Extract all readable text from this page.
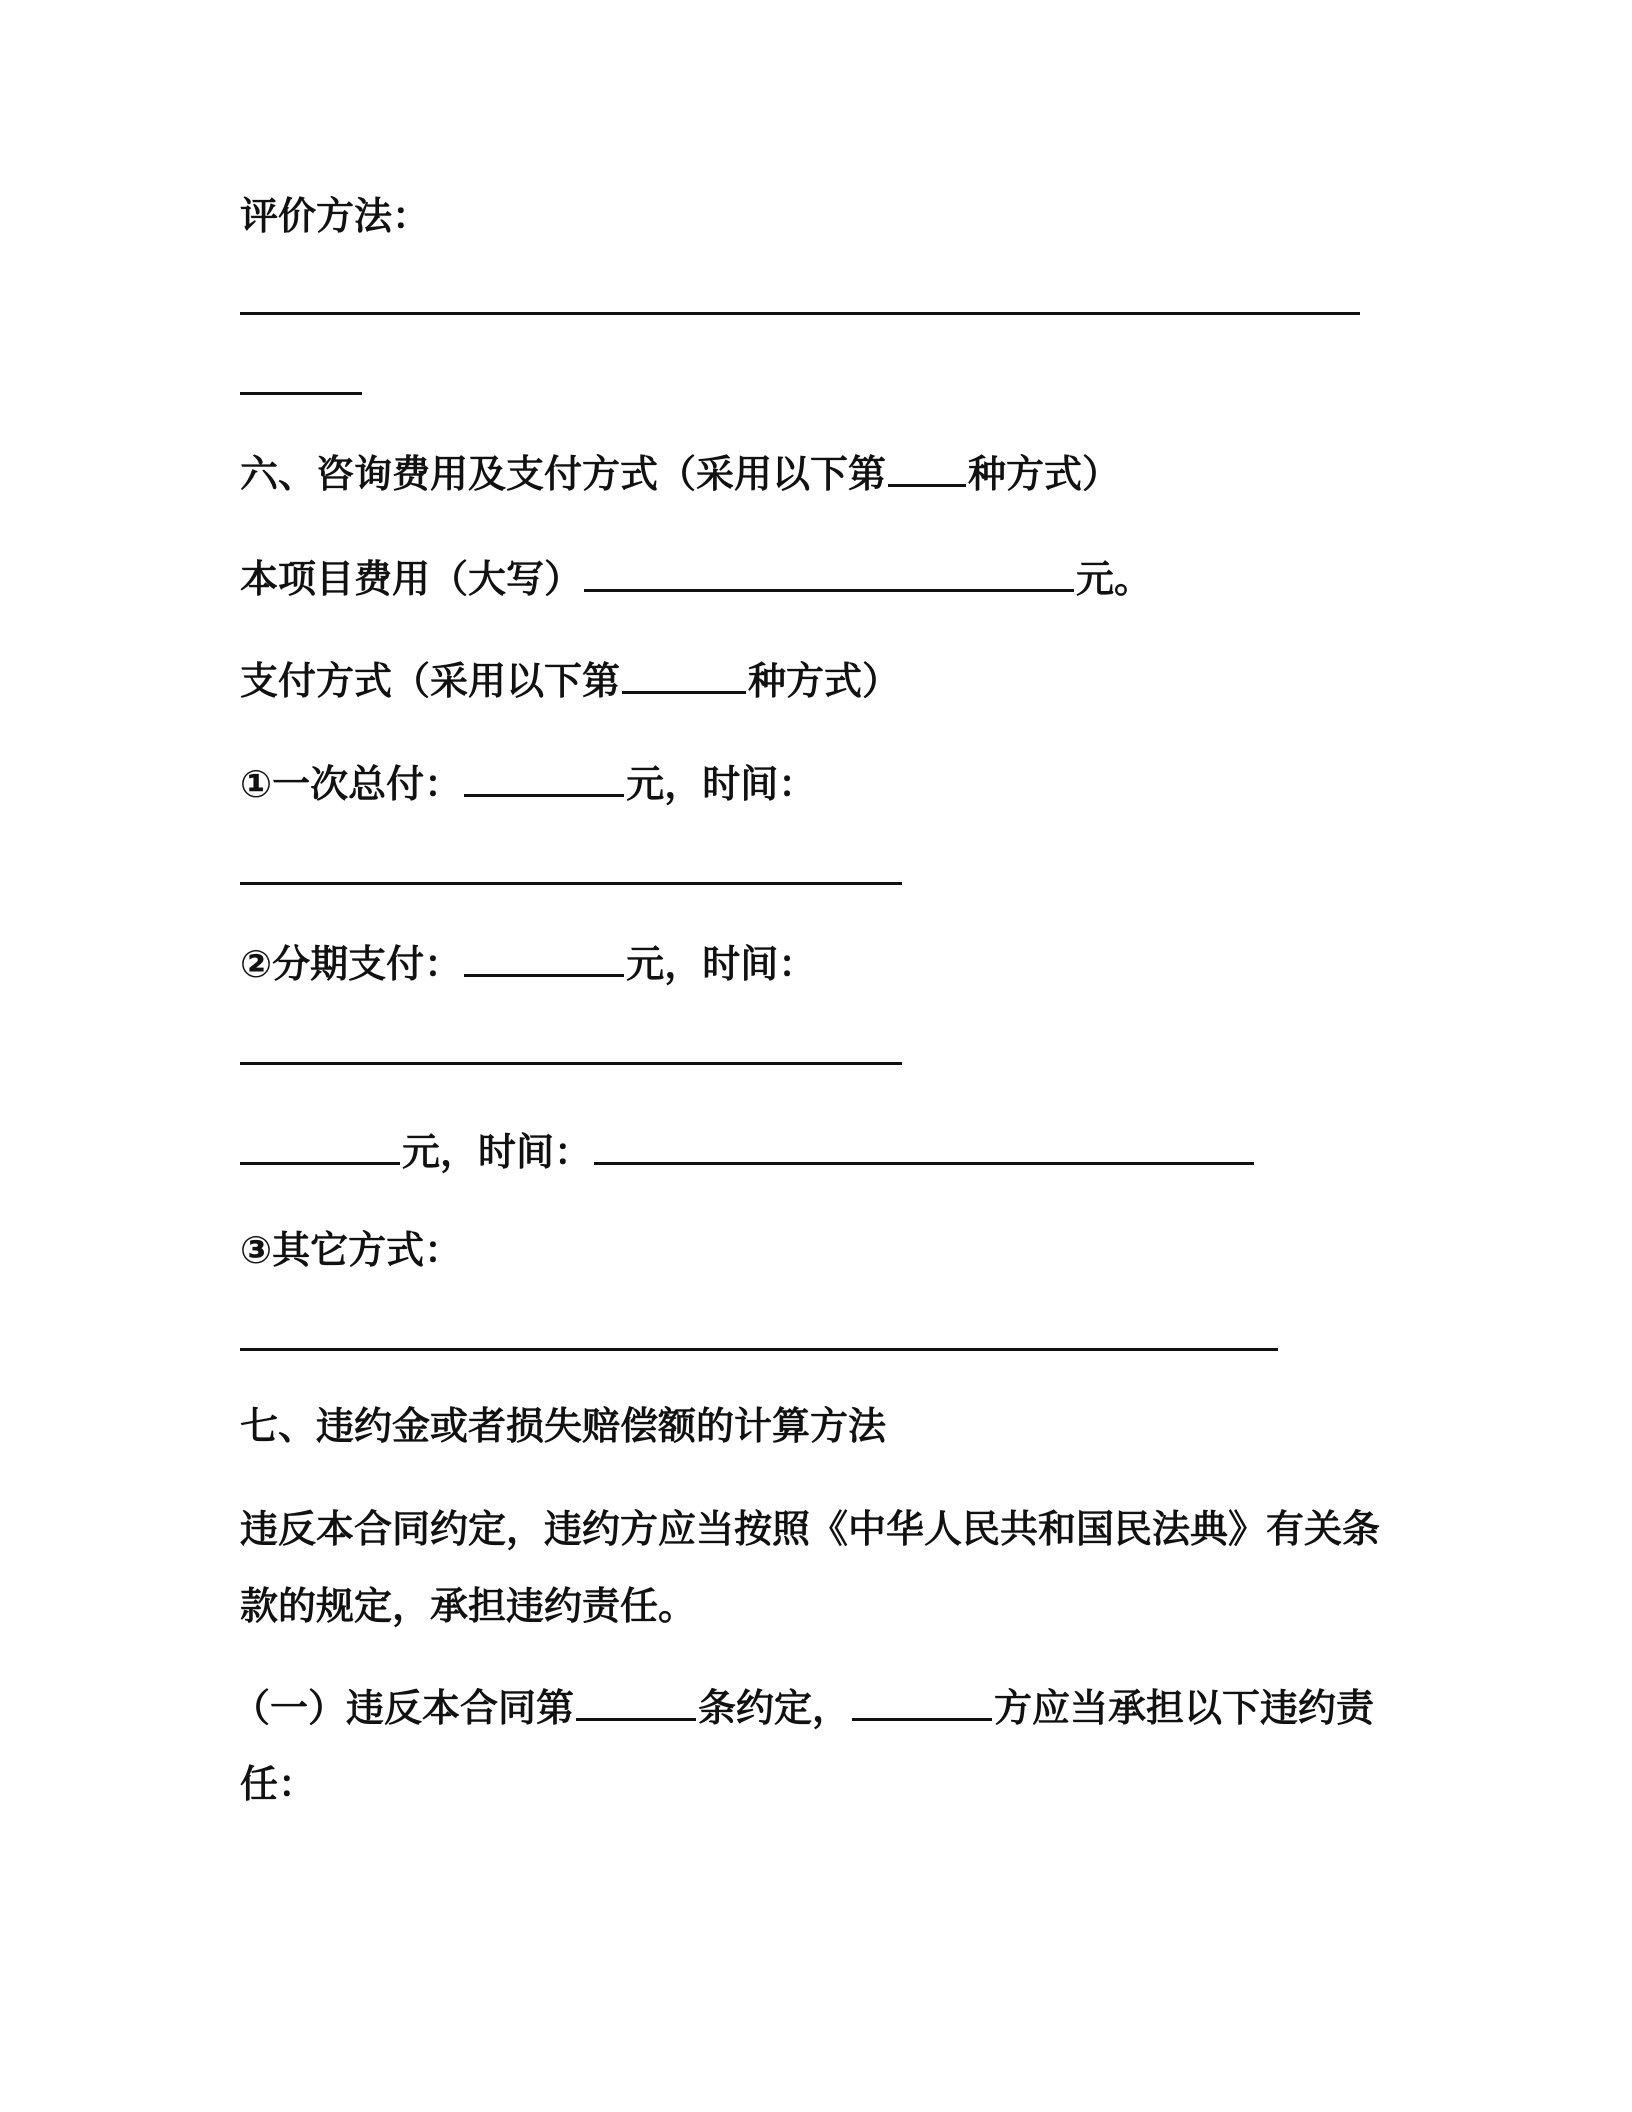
评价方法：
六、咨询费用及支付方式（采用以下第 种方式）
本项目费用（大写）	元。
支付方式（采用以下第	种方式）
①一次总付：	元，时间：
②分期支付：	元，时间：
元，时间：
③其它方式：
七、违约金或者损失赔偿额的计算方法
违反本合同约定，违约方应当按照《中华人民共和国民法典》有关条
款的规定，承担违约责任。
（一）违反本合同第	条约定，	方应当承担以下违约责
任：
